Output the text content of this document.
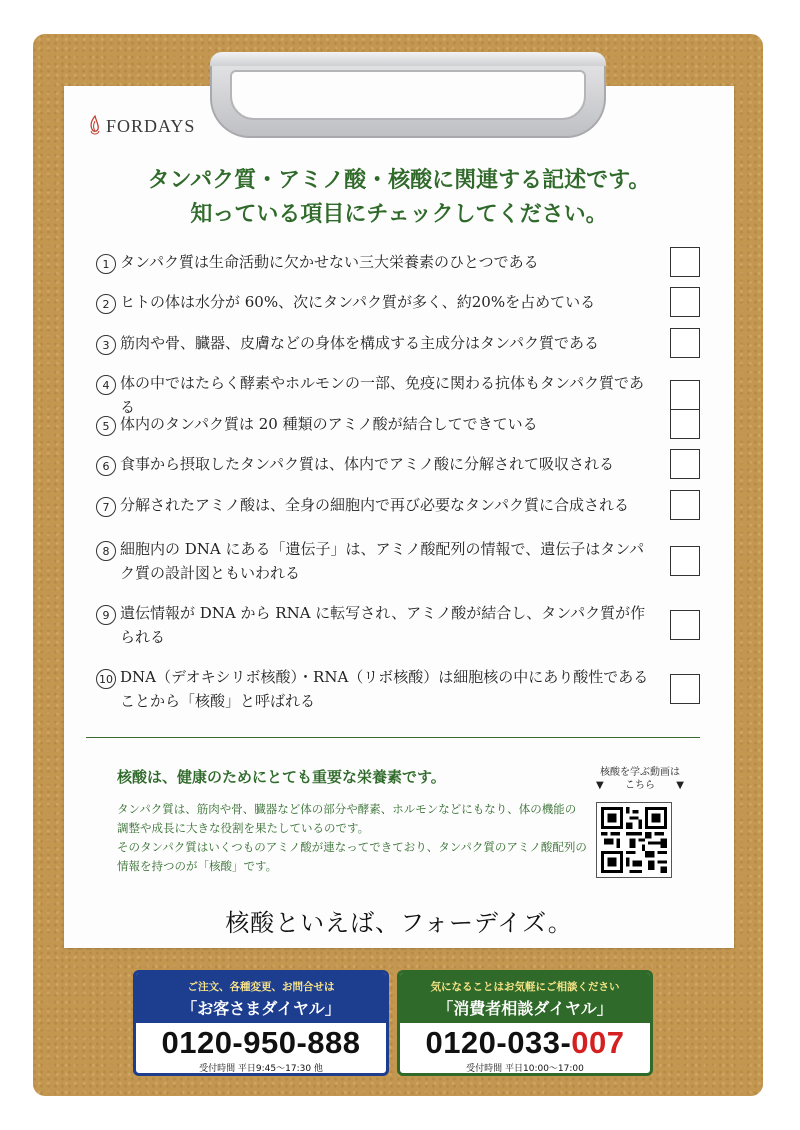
FORDAYS
タンパク質・アミノ酸・核酸に関連する記述です。
知っている項目にチェックしてください。
1 タンパク質は生命活動に欠かせない三大栄養素のひとつである
2 ヒトの体は水分が 60%、次にタンパク質が多く、約20%を占めている
3 筋肉や骨、臓器、皮膚などの身体を構成する主成分はタンパク質である
4 体の中ではたらく酵素やホルモンの一部、免疫に関わる抗体もタンパク質である
5 体内のタンパク質は 20 種類のアミノ酸が結合してできている
6 食事から摂取したタンパク質は、体内でアミノ酸に分解されて吸収される
7 分解されたアミノ酸は、全身の細胞内で再び必要なタンパク質に合成される
8 細胞内の DNA にある「遺伝子」は、アミノ酸配列の情報で、遺伝子はタンパク質の設計図ともいわれる
9 遺伝情報が DNA から RNA に転写され、アミノ酸が結合し、タンパク質が作られる
10 DNA（デオキシリボ核酸）・RNA（リボ核酸）は細胞核の中にあり酸性であることから「核酸」と呼ばれる
核酸は、健康のためにとても重要な栄養素です。
タンパク質は、筋肉や骨、臓器など体の部分や酵素、ホルモンなどにもなり、体の機能の調整や成長に大きな役割を果たしているのです。
そのタンパク質はいくつものアミノ酸が連なってできており、タンパク質のアミノ酸配列の情報を持つのが「核酸」です。
核酸を学ぶ動画は
▼ こちら ▼
核酸といえば、フォーデイズ。
ご注文、各種変更、お問合せは
「お客さまダイヤル」
0120-950-888
受付時間 平日9:45～17:30 他
気になることはお気軽にご相談ください
「消費者相談ダイヤル」
0120-033-007
受付時間 平日10:00～17:00
